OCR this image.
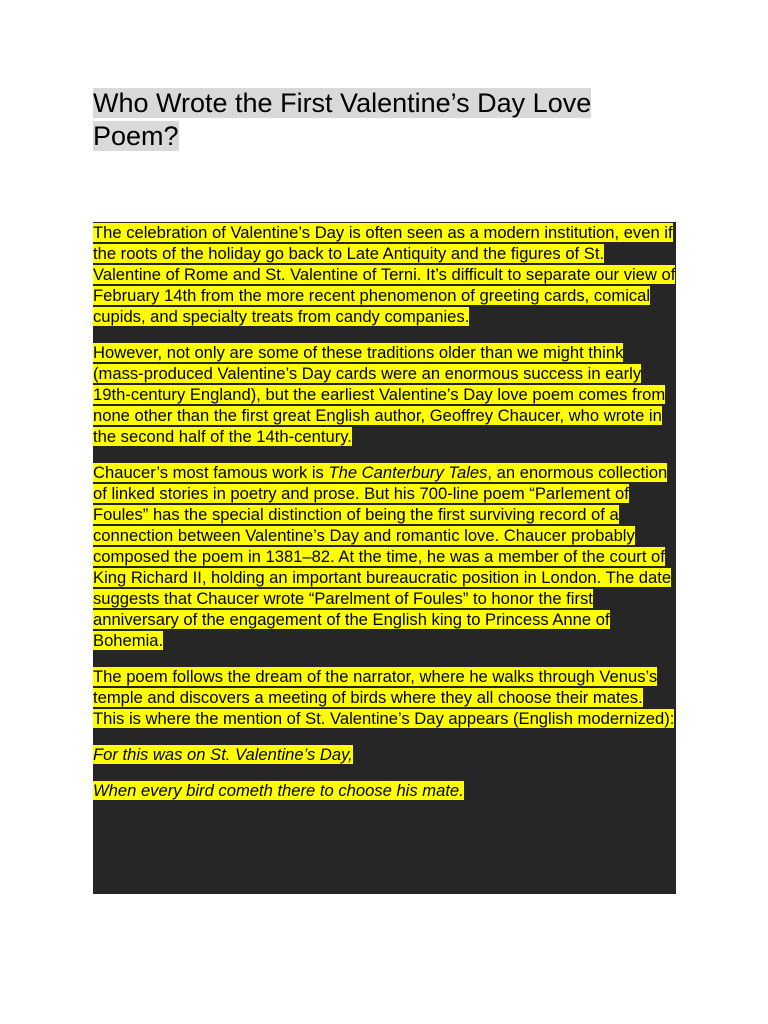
Who Wrote the First Valentine’s Day Love Poem?

The celebration of Valentine’s Day is often seen as a modern institution, even if the roots of the holiday go back to Late Antiquity and the figures of St. Valentine of Rome and St. Valentine of Terni. It’s difficult to separate our view of February 14th from the more recent phenomenon of greeting cards, comical cupids, and specialty treats from candy companies.

However, not only are some of these traditions older than we might think (mass-produced Valentine’s Day cards were an enormous success in early 19th-century England), but the earliest Valentine’s Day love poem comes from none other than the first great English author, Geoffrey Chaucer, who wrote in the second half of the 14th-century.

Chaucer’s most famous work is The Canterbury Tales, an enormous collection of linked stories in poetry and prose. But his 700-line poem “Parlement of Foules” has the special distinction of being the first surviving record of a connection between Valentine’s Day and romantic love. Chaucer probably composed the poem in 1381–82. At the time, he was a member of the court of King Richard II, holding an important bureaucratic position in London. The date suggests that Chaucer wrote “Parelment of Foules” to honor the first anniversary of the engagement of the English king to Princess Anne of Bohemia.

The poem follows the dream of the narrator, where he walks through Venus’s temple and discovers a meeting of birds where they all choose their mates. This is where the mention of St. Valentine’s Day appears (English modernized):

For this was on St. Valentine’s Day,

When every bird cometh there to choose his mate.
